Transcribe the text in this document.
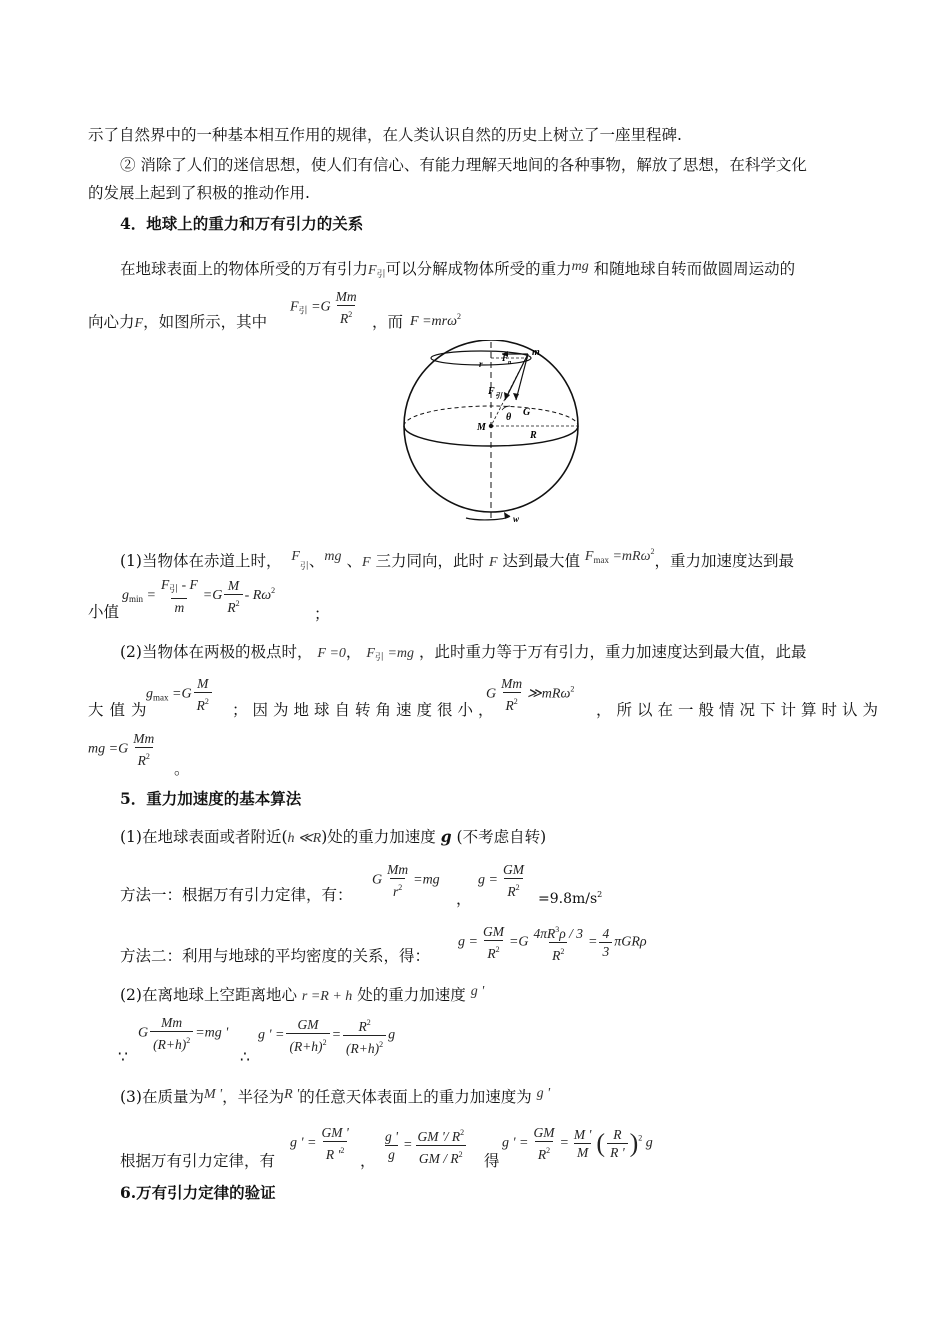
示了自然界中的一种基本相互作用的规律，在人类认识自然的历史上树立了一座里程碑.
② 消除了人们的迷信思想，使人们有信心、有能力理解天地间的各种事物，解放了思想，在科学文化
的发展上起到了积极的推动作用.
4．地球上的重力和万有引力的关系
在地球表面上的物体所受的万有引力$F_引$可以分解成物体所受的重力mg 和随地球自转而做圆周运动的
向心力F，如图所示，其中
$F_引 =G \frac{Mm}{R^2}$ ，而 F =mrω$^2$
m
r
F n
F 引
θ G
M
R
w
(1)当物体在赤道上时， $F_引$、mg 、F 三力同向，此时 F 达到最大值 $F_{max} =mR\omega^2$，重力加速度达到最
小值
$g_{min} = \frac{F_引 - F}{m} =G \frac{M}{R^2} - R\omega^2$
；
(2)当物体在两极的极点时， F =0， $F_引 =mg$ ，此时重力等于万有引力，重力加速度达到最大值，此最
大值为
$g_{max} =G \frac{M}{R^2}$ ；因为地球自转角速度很小，
G $\frac{Mm}{R^2}$ ≫mRω$^2$
，所以在一般情况下计算时认为
mg $=G \frac{Mm}{R^2}$ 。
5．重力加速度的基本算法
(1)在地球表面或者附近(h ≪R)处的重力加速度 g (不考虑自转)
方法一：根据万有引力定律，有：
G $\frac{Mm}{r^2} =mg$
，
$g = \frac{GM}{R^2} =9.8m/s^2$
方法二：利用与地球的平均密度的关系，得：
$g = \frac{GM}{R^2} =G \frac{4\pi R^3\rho / 3}{R^2} = \frac{4}{3}$ πGRρ
(2)在离地球上空距离地心 r =R + h 处的重力加速度 g '
∵
G $\frac{Mm}{(R+h)^2} =mg$ '
∴
g ' = $\frac{GM}{(R+h)^2} = \frac{R^2}{(R+h)^2}$ g
(3)在质量为M '，半径为R '的任意天体表面上的重力加速度为 g '
根据万有引力定律，有
g ' = $\frac{GM '}{R '^2}$ ， $\frac{g '}{g} = \frac{GM '/ R^2}{GM / R^2}$ 得
g ' = $\frac{GM}{R^2} = \frac{M '}{M}$ ( $\frac{R}{R '} )^2$ g
6.万有引力定律的验证
